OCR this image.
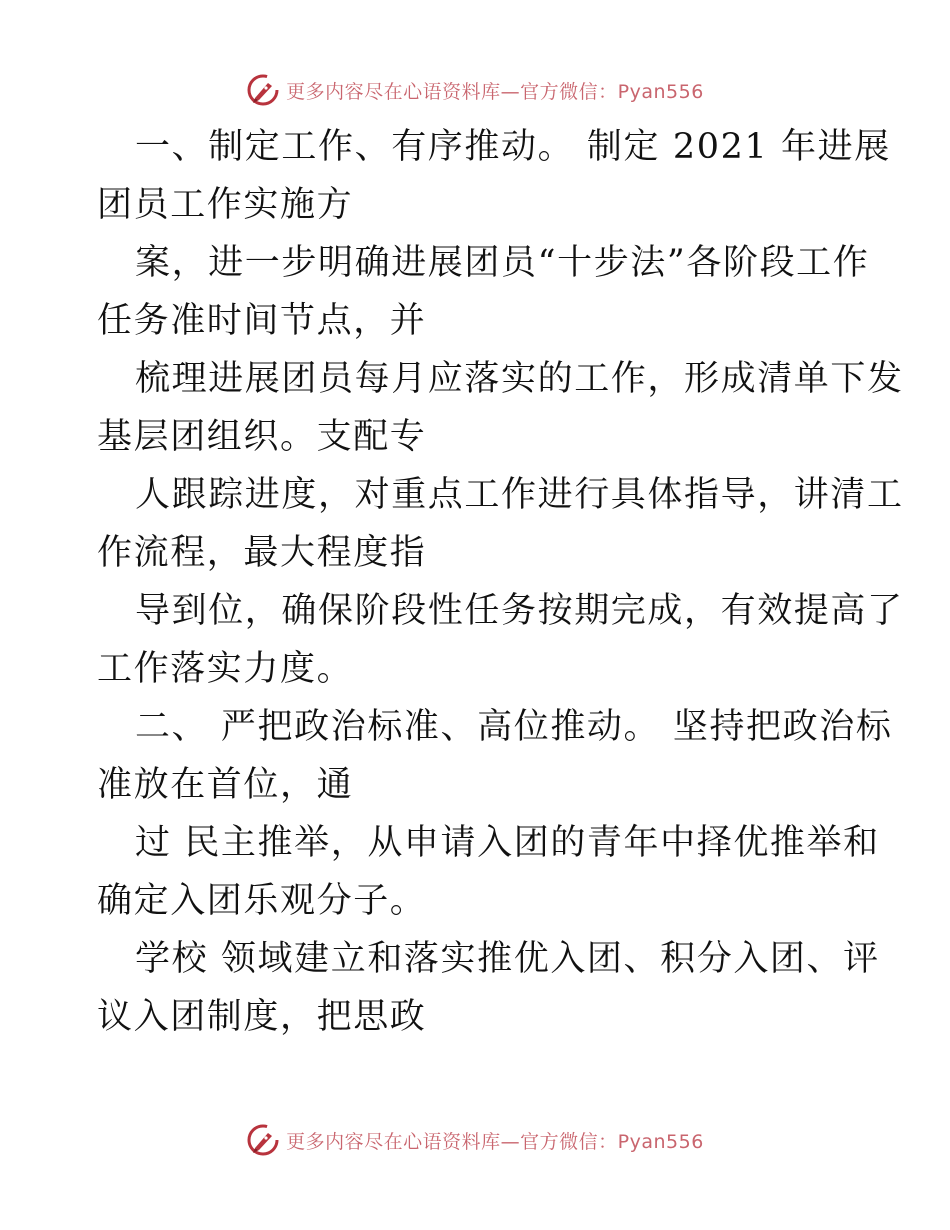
更多内容尽在心语资料库—官方微信：Pyan556
一、制定工作、有序推动。 制定 2021 年进展
团员工作实施方
案，进一步明确进展团员“十步法”各阶段工作
任务准时间节点，并
梳理进展团员每月应落实的工作，形成清单下发
基层团组织。支配专
人跟踪进度，对重点工作进行具体指导，讲清工
作流程，最大程度指
导到位，确保阶段性任务按期完成，有效提高了
工作落实力度。
二、 严把政治标准、高位推动。 坚持把政治标
准放在首位，通
过 民主推举，从申请入团的青年中择优推举和
确定入团乐观分子。
学校 领域建立和落实推优入团、积分入团、评
议入团制度，把思政
更多内容尽在心语资料库—官方微信：Pyan556
